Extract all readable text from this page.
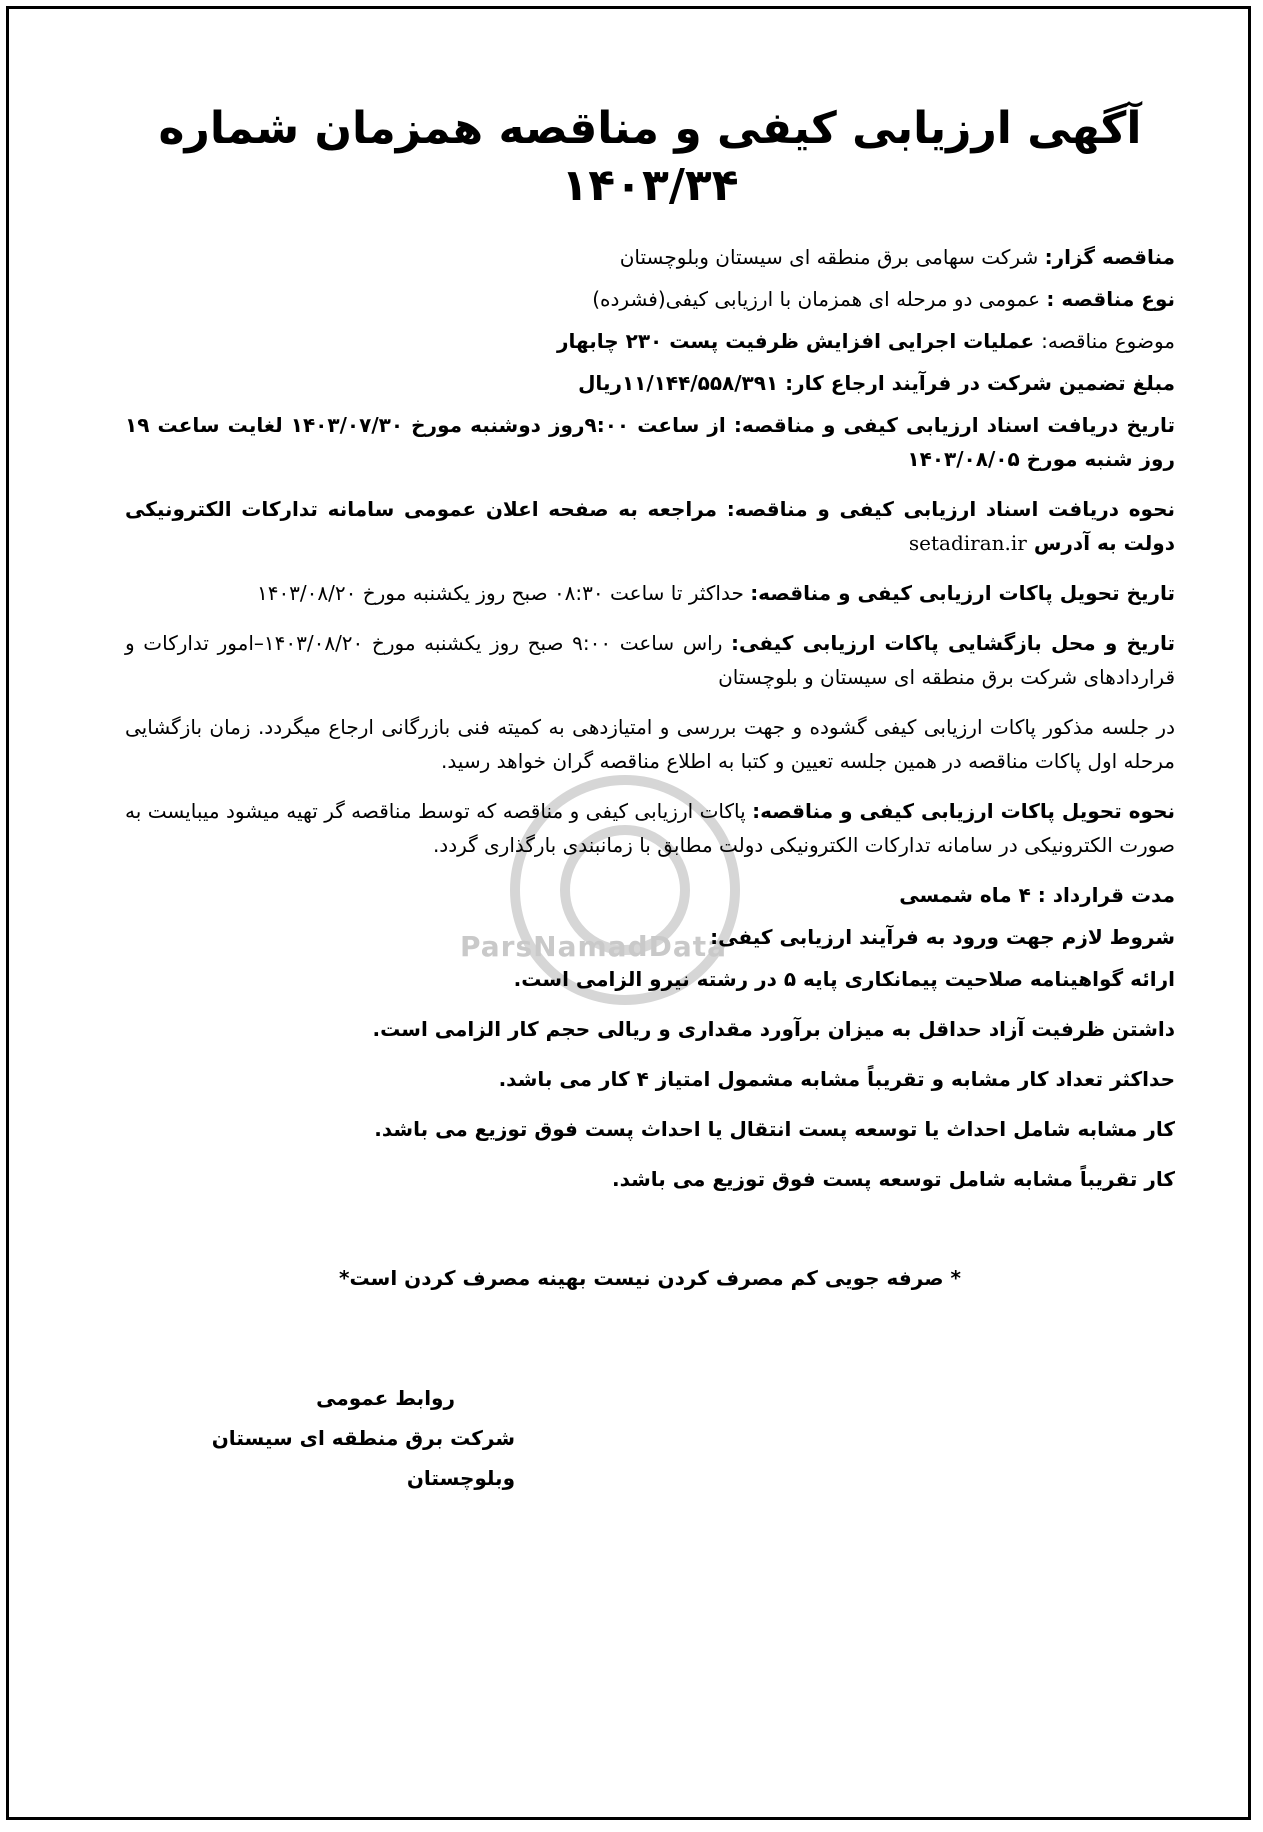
ParsNamadData
آگهی ارزیابی کیفی و مناقصه همزمان شماره ۱۴۰۳/۳۴
مناقصه گزار: شرکت سهامی برق منطقه ای سیستان وبلوچستان
نوع مناقصه : عمومی دو مرحله ای همزمان با ارزیابی کیفی(فشرده)
موضوع مناقصه: عملیات اجرایی افزایش ظرفیت پست ۲۳۰ چابهار
مبلغ تضمین شرکت در فرآیند ارجاع کار: ۱۱/۱۴۴/۵۵۸/۳۹۱ریال
تاریخ دریافت اسناد ارزیابی کیفی و مناقصه: از ساعت ۹:۰۰روز دوشنبه مورخ ۱۴۰۳/۰۷/۳۰ لغایت ساعت ۱۹ روز شنبه مورخ ۱۴۰۳/۰۸/۰۵
نحوه دریافت اسناد ارزیابی کیفی و مناقصه: مراجعه به صفحه اعلان عمومی سامانه تدارکات الکترونیکی دولت به آدرس setadiran.ir
تاریخ تحویل پاکات ارزیابی کیفی و مناقصه: حداکثر تا ساعت ۰۸:۳۰ صبح روز یکشنبه مورخ ۱۴۰۳/۰۸/۲۰
تاریخ و محل بازگشایی پاکات ارزیابی کیفی: راس ساعت ۹:۰۰ صبح روز یکشنبه مورخ ۱۴۰۳/۰۸/۲۰–امور تدارکات و قراردادهای شرکت برق منطقه ای سیستان و بلوچستان
در جلسه مذکور پاکات ارزیابی کیفی گشوده و جهت بررسی و امتیازدهی به کمیته فنی بازرگانی ارجاع میگردد. زمان بازگشایی مرحله اول پاکات مناقصه در همین جلسه تعیین و کتبا به اطلاع مناقصه گران خواهد رسید.
نحوه تحویل پاکات ارزیابی کیفی و مناقصه: پاکات ارزیابی کیفی و مناقصه که توسط مناقصه گر تهیه میشود میبایست به صورت الکترونیکی در سامانه تدارکات الکترونیکی دولت مطابق با زمانبندی بارگذاری گردد.
مدت قرارداد : ۴ ماه شمسی
شروط لازم جهت ورود به فرآیند ارزیابی کیفی:
ارائه گواهینامه صلاحیت پیمانکاری پایه ۵ در رشته نیرو الزامی است.
داشتن ظرفیت آزاد حداقل به میزان برآورد مقداری و ریالی حجم کار الزامی است.
حداکثر تعداد کار مشابه و تقریباً مشابه مشمول امتیاز ۴ کار می باشد.
کار مشابه شامل احداث یا توسعه پست انتقال یا احداث پست فوق توزیع می باشد.
کار تقریباً مشابه شامل توسعه پست فوق توزیع می باشد.
* صرفه جویی کم مصرف کردن نیست بهینه مصرف کردن است*
روابط عمومی
شرکت برق منطقه ای سیستان وبلوچستان
